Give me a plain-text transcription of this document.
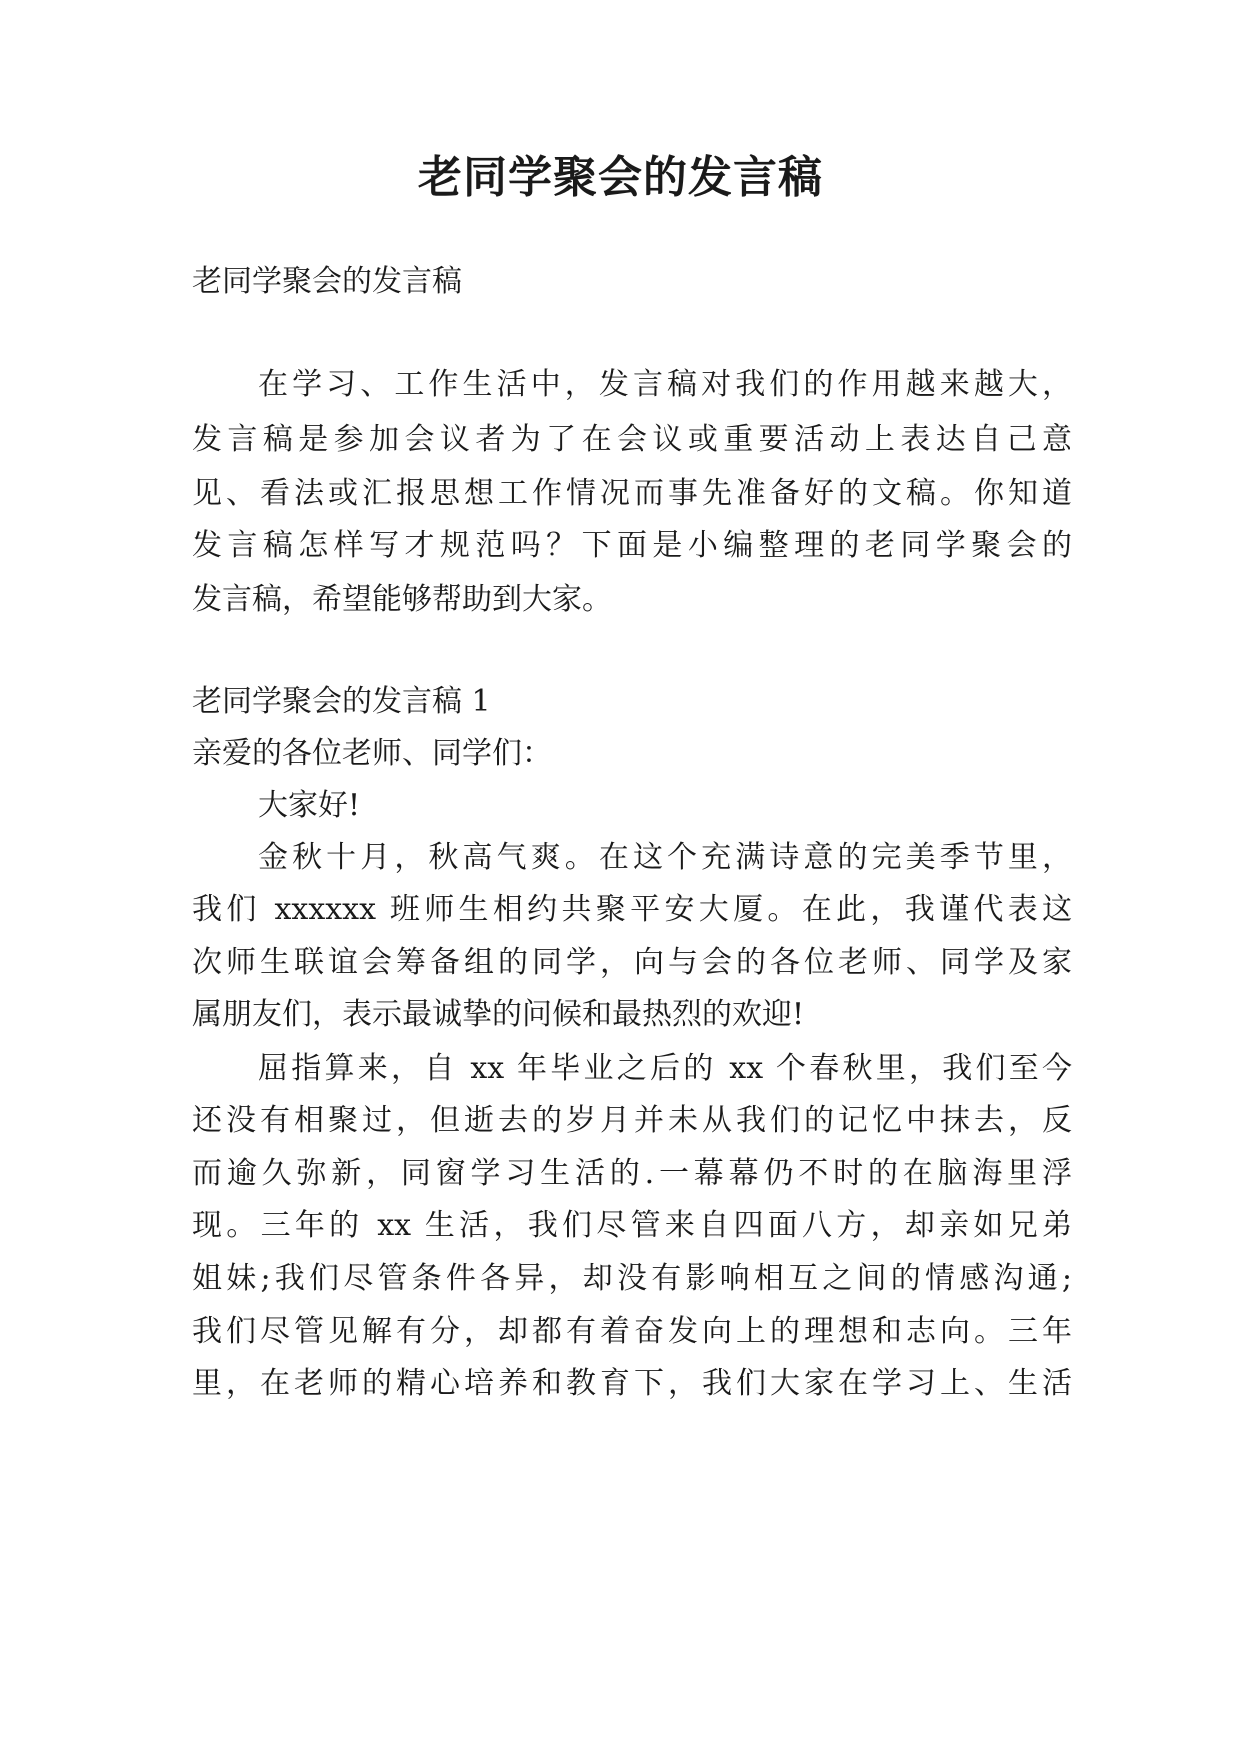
老同学聚会的发言稿

老同学聚会的发言稿

在学习、工作生活中，发言稿对我们的作用越来越大，

发言稿是参加会议者为了在会议或重要活动上表达自己意

见、看法或汇报思想工作情况而事先准备好的文稿。你知道

发言稿怎样写才规范吗？下面是小编整理的老同学聚会的

发言稿，希望能够帮助到大家。

老同学聚会的发言稿 1

亲爱的各位老师、同学们：

大家好!

金秋十月，秋高气爽。在这个充满诗意的完美季节里，

我们 xxxxxx 班师生相约共聚平安大厦。在此，我谨代表这

次师生联谊会筹备组的同学，向与会的各位老师、同学及家

属朋友们，表示最诚挚的问候和最热烈的欢迎!

屈指算来，自 xx 年毕业之后的 xx 个春秋里，我们至今

还没有相聚过，但逝去的岁月并未从我们的记忆中抹去，反

而逾久弥新，同窗学习生活的.一幕幕仍不时的在脑海里浮

现。三年的 xx 生活，我们尽管来自四面八方，却亲如兄弟

姐妹;我们尽管条件各异，却没有影响相互之间的情感沟通;

我们尽管见解有分，却都有着奋发向上的理想和志向。三年

里，在老师的精心培养和教育下，我们大家在学习上、生活
